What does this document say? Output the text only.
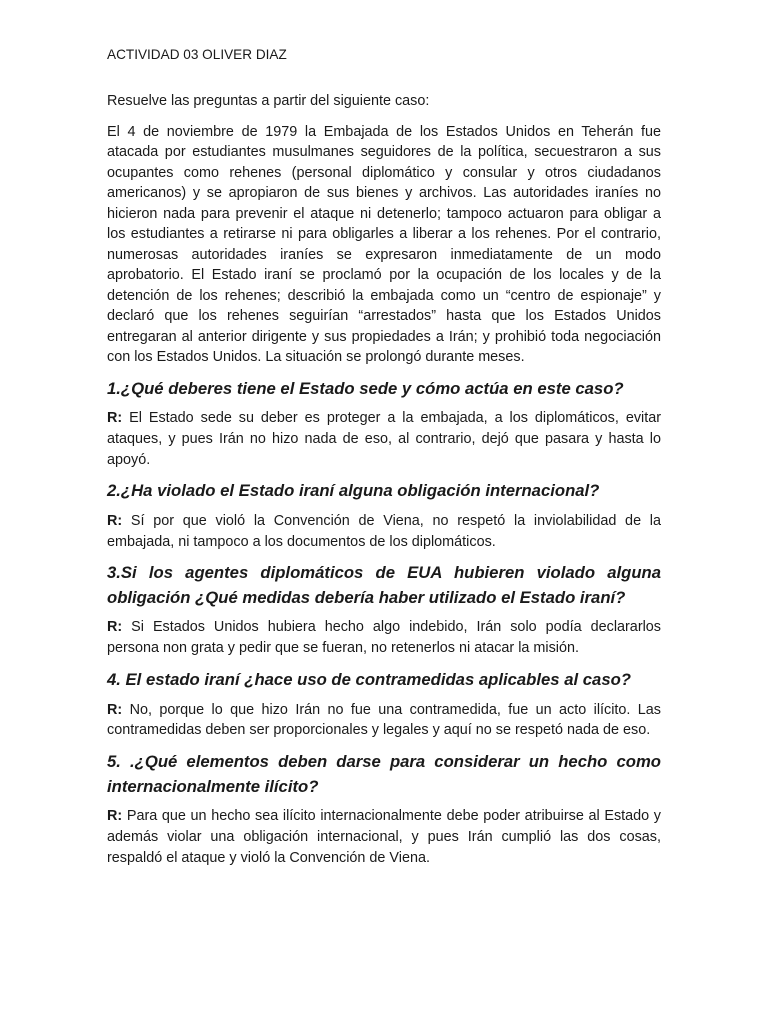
ACTIVIDAD 03 OLIVER DIAZ

Resuelve las preguntas a partir del siguiente caso:

El 4 de noviembre de 1979 la Embajada de los Estados Unidos en Teherán fue atacada por estudiantes musulmanes seguidores de la política, secuestraron a sus ocupantes como rehenes (personal diplomático y consular y otros ciudadanos americanos) y se apropiaron de sus bienes y archivos. Las autoridades iraníes no hicieron nada para prevenir el ataque ni detenerlo; tampoco actuaron para obligar a los estudiantes a retirarse ni para obligarles a liberar a los rehenes. Por el contrario, numerosas autoridades iraníes se expresaron inmediatamente de un modo aprobatorio. El Estado iraní se proclamó por la ocupación de los locales y de la detención de los rehenes; describió la embajada como un “centro de espionaje” y declaró que los rehenes seguirían “arrestados” hasta que los Estados Unidos entregaran al anterior dirigente y sus propiedades a Irán; y prohibió toda negociación con los Estados Unidos. La situación se prolongó durante meses.

1.¿Qué deberes tiene el Estado sede y cómo actúa en este caso?

R: El Estado sede su deber es proteger a la embajada, a los diplomáticos, evitar ataques, y pues Irán no hizo nada de eso, al contrario, dejó que pasara y hasta lo apoyó.

2.¿Ha violado el Estado iraní alguna obligación internacional?

R: Sí por que violó la Convención de Viena, no respetó la inviolabilidad de la embajada, ni tampoco a los documentos de los diplomáticos.

3.Si los agentes diplomáticos de EUA hubieren violado alguna obligación ¿Qué medidas debería haber utilizado el Estado iraní?

R: Si Estados Unidos hubiera hecho algo indebido, Irán solo podía declararlos persona non grata y pedir que se fueran, no retenerlos ni atacar la misión.

4. El estado iraní ¿hace uso de contramedidas aplicables al caso?

R: No, porque lo que hizo Irán no fue una contramedida, fue un acto ilícito. Las contramedidas deben ser proporcionales y legales y aquí no se respetó nada de eso.

5. .¿Qué elementos deben darse para considerar un hecho como internacionalmente ilícito?

R: Para que un hecho sea ilícito internacionalmente debe poder atribuirse al Estado y además violar una obligación internacional, y pues Irán cumplió las dos cosas, respaldó el ataque y violó la Convención de Viena.
